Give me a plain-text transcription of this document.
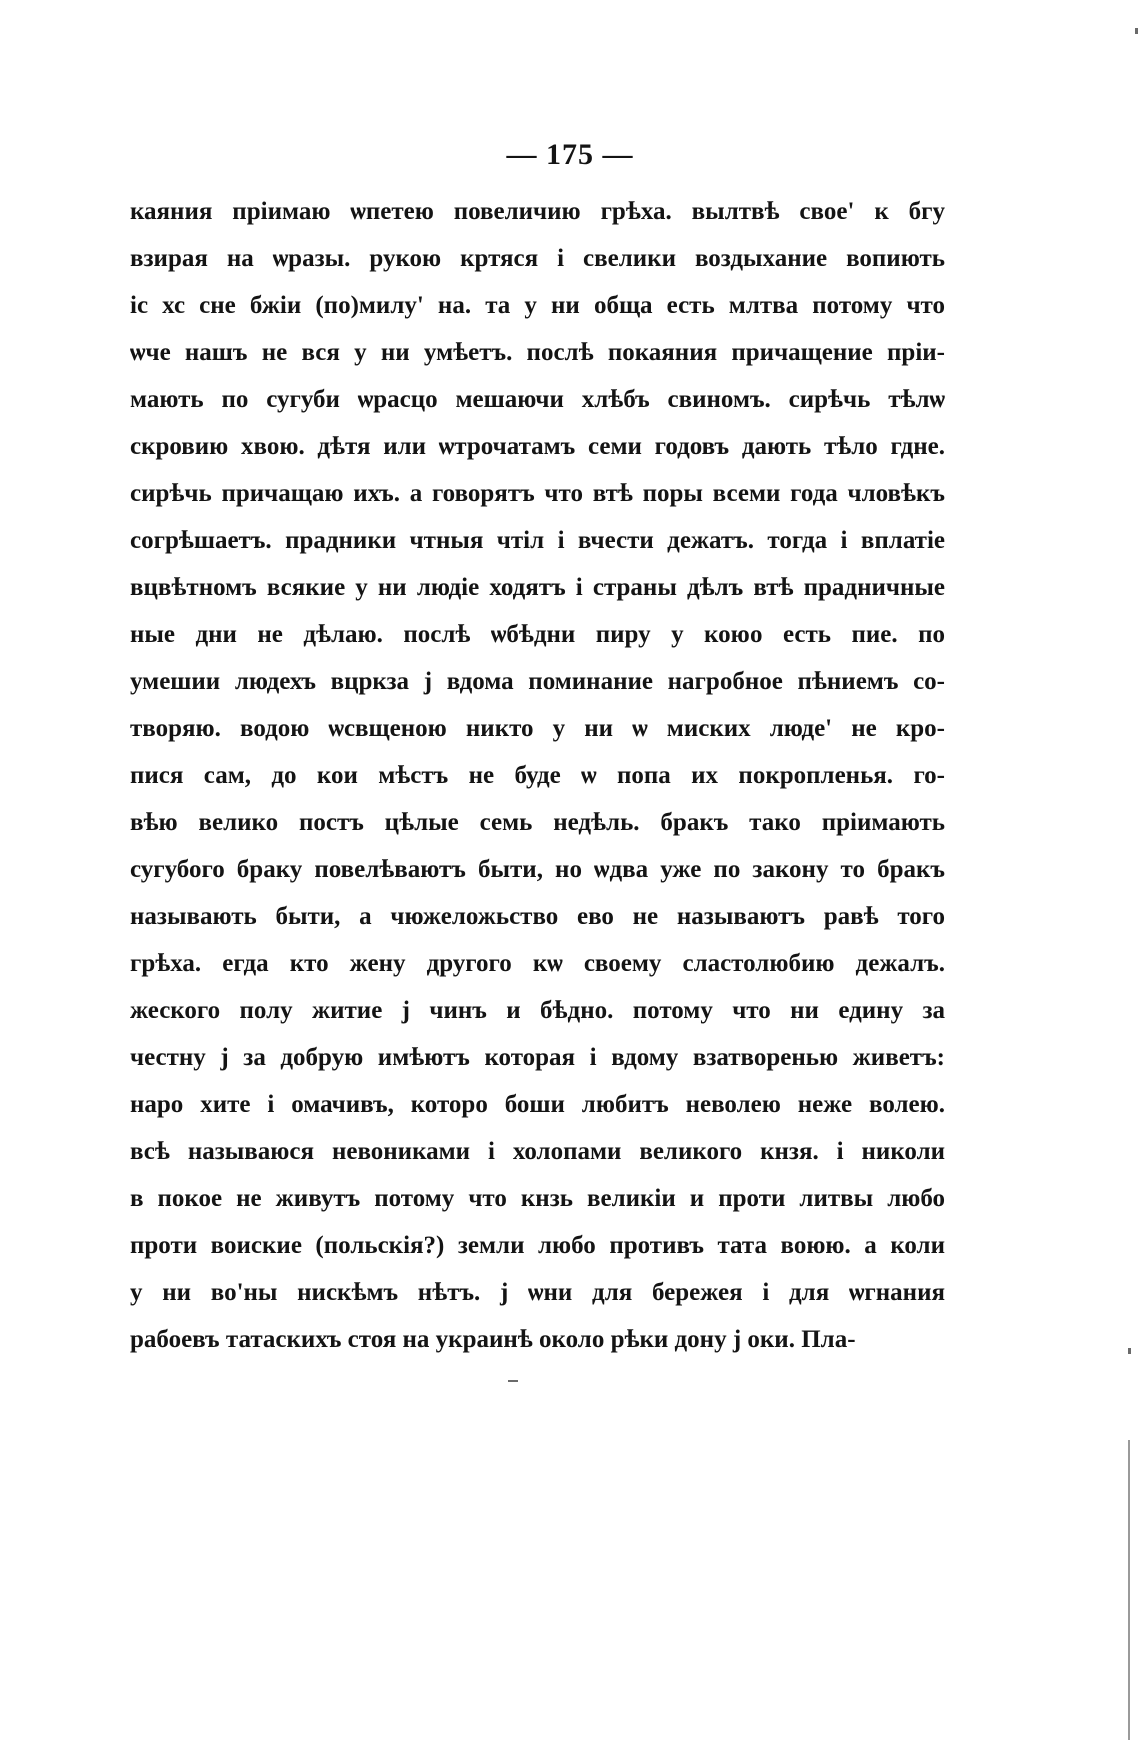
— 175 —
каяния прiимаю ѡпетею повеличию грѣха. вылтвѣ свое' к бгу
взирая на ѡразы. рукою кртяся i свелики воздыхание вопиють
iс хс сне бжiи (по)милу' на. та у ни обща есть млтва потому что
ѡче нашъ не вся у ни умѣетъ. послѣ покаяния причащение прiи-
мають по сугуби ѡрасцо мешаючи хлѣбъ свиномъ. сирѣчь тѣлѡ
скровию хвою. дѣтя или ѡтрочатамъ семи годовъ дають тѣло гдне.
сирѣчь причащаю ихъ. а говорятъ что втѣ поры всеми года чловѣкъ
согрѣшаетъ. прадники чтныя чтiл i вчести дежатъ. тогда i вплатiе
вцвѣтномъ всякие у ни людiе ходятъ i страны дѣлъ втѣ прадничные
ные дни не дѣлаю. послѣ ѡбѣдни пиру у коюо есть пие. по
умешии людехъ вцркза j вдома поминание нагробное пѣниемъ со-
творяю. водою ѡсвщеною никто у ни ѡ миских люде' не кро-
пися сам, до кои мѣстъ не буде ѡ попа их покропленья. го-
вѣю велико постъ цѣлые семь недѣль. бракъ тако прiимають
сугубого браку повелѣваютъ быти, но ѡдва уже по закону то бракъ
называють быти, а чюжеложьство ево не называютъ равѣ того
грѣха. егда кто жену другого кѡ своему сластолюбию дежалъ.
жеского полу житие j чинъ и бѣдно. потому что ни едину за
честну j за добрую имѣютъ которая i вдому взатворенью живетъ:
наро хите i омачивъ, которо боши любитъ неволею неже волею.
всѣ называюся невониками i холопами великого кнзя. i николи
в покое не живутъ потому что кнзь великiи и проти литвы любо
проти воиские (польскiя?) земли любо противъ тата воюю. а коли
у ни во'ны нискѣмъ нѣтъ. j ѡни для бережея i для ѡгнания
рабоевъ татаскихъ стоя на украинѣ около рѣки дону j оки. Пла-
